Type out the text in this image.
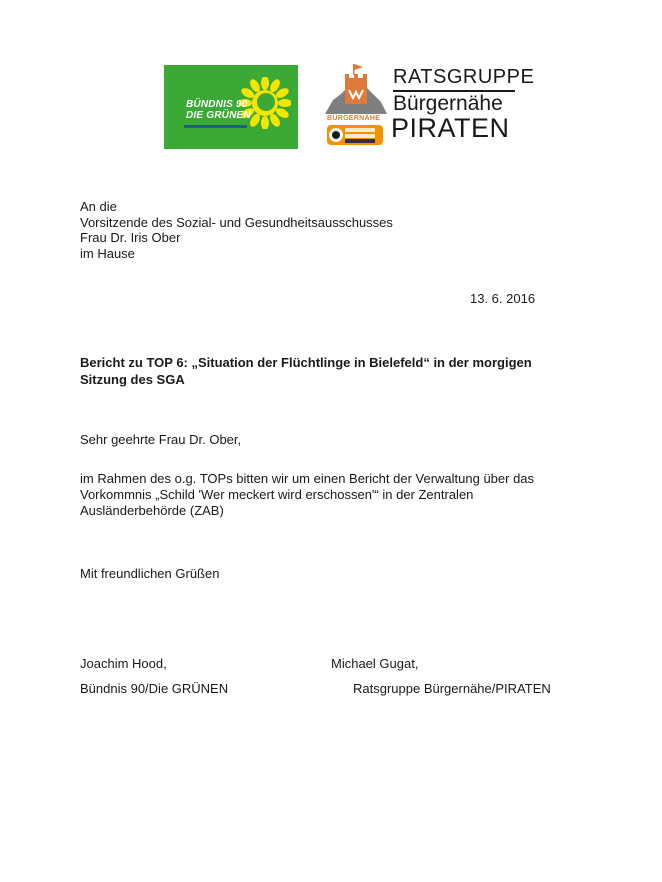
BÜNDNIS 90
DIE GRÜNEN	BÜRGERNÄHE
RATSGRUPPE
Bürgernähe
PIRATEN
An die
Vorsitzende des Sozial- und Gesundheitsausschusses
Frau Dr. Iris Ober
im Hause
13. 6. 2016
Bericht zu TOP 6: „Situation der Flüchtlinge in Bielefeld“ in der morgigen
Sitzung des SGA
Sehr geehrte Frau Dr. Ober,
im Rahmen des o.g. TOPs bitten wir um einen Bericht der Verwaltung über das
Vorkommnis „Schild 'Wer meckert wird erschossen'“ in der Zentralen
Ausländerbehörde (ZAB)
Mit freundlichen Grüßen
Joachim Hood,
Bündnis 90/Die GRÜNEN
Michael Gugat,
Ratsgruppe Bürgernähe/PIRATEN
